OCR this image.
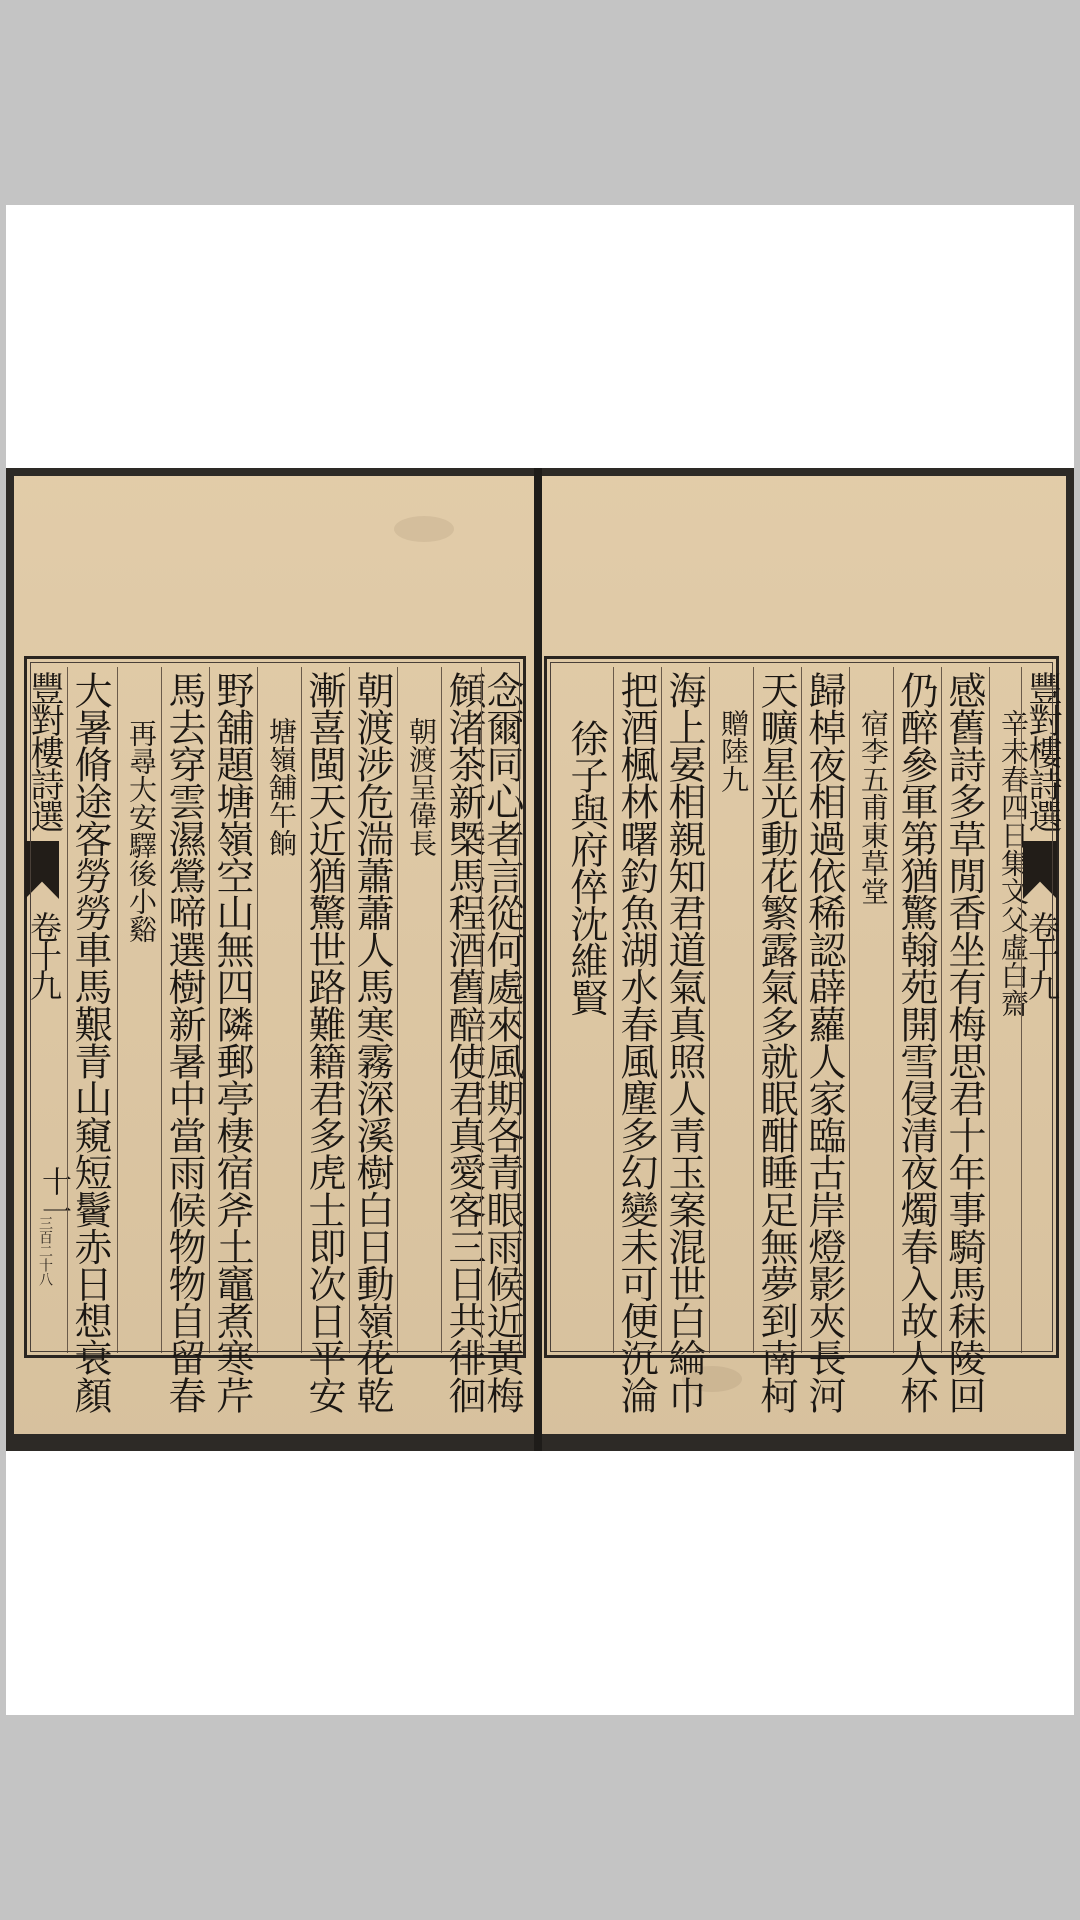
豐對樓詩選
卷十九
十一
三百二十八 大暑脩途客勞勞車馬艱青山窺短鬢赤日想衰顏 再尋大安驛後小谿 馬去穿雲濕鶯啼選樹新暑中當雨候物物自留春 野舖題塘嶺空山無四隣郵亭棲宿斧土竈煮寒芹 塘嶺舖午餉 漸喜閩天近猶驚世路難籍君多虎士即次日平安 朝渡涉危湍蕭蕭人馬寒霧深溪樹白日動嶺花乾 朝渡呈偉長 頠渚茶新㮣馬程酒舊醅使君真愛客三日共徘徊
念爾同心者言從何處來風期各青眼雨候近黃梅 徐子與府倅沈維賢 把酒楓林曙釣魚湖水春風塵多幻變未可便沉淪 海上晏相親知君道氣真照人青玉案混世白綸巾 贈陸九 天曠星光動花繁露氣多就眠酣睡足無夢到南柯 歸棹夜相過依稀認薜蘿人家臨古岸燈影夾長河 宿李五甫東草堂 仍醉參軍第猶驚翰苑開雪侵清夜燭春入故人杯 感舊詩多草閒香坐有梅思君十年事騎馬秣陵回 辛未春四日集文父虛白齋
豐對樓詩選
卷十九
